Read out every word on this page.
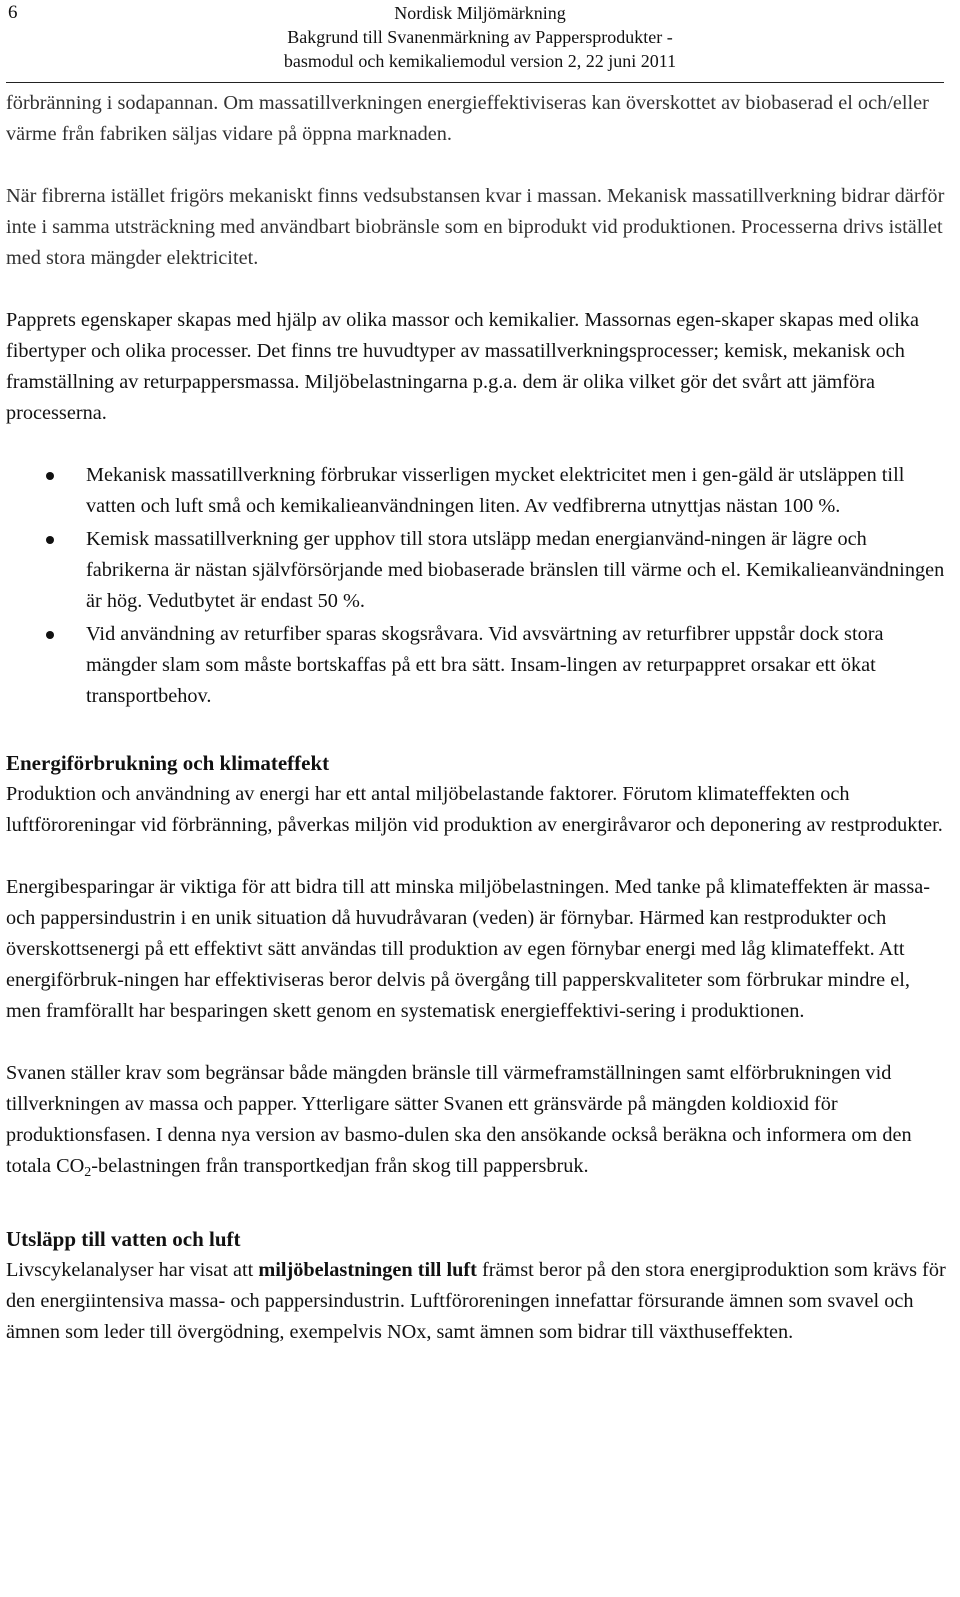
6	Nordisk Miljömärkning
Bakgrund till Svanenmärkning av Pappersprodukter -
basmodul och kemikaliemodul version 2, 22 juni 2011

förbränning i sodapannan. Om massatillverkningen energieffektiviseras kan överskottet av biobaserad el och/eller värme från fabriken säljas vidare på öppna marknaden.

När fibrerna istället frigörs mekaniskt finns vedsubstansen kvar i massan. Mekanisk massatillverkning bidrar därför inte i samma utsträckning med användbart biobränsle som en biprodukt vid produktionen. Processerna drivs istället med stora mängder elektricitet.

Papprets egenskaper skapas med hjälp av olika massor och kemikalier. Massornas egen-skaper skapas med olika fibertyper och olika processer. Det finns tre huvudtyper av massatillverkningsprocesser; kemisk, mekanisk och framställning av returpappersmassa. Miljöbelastningarna p.g.a. dem är olika vilket gör det svårt att jämföra processerna.

Mekanisk massatillverkning förbrukar visserligen mycket elektricitet men i gen-gäld är utsläppen till vatten och luft små och kemikalieanvändningen liten. Av vedfibrerna utnyttjas nästan 100 %.
Kemisk massatillverkning ger upphov till stora utsläpp medan energianvänd-ningen är lägre och fabrikerna är nästan självförsörjande med biobaserade bränslen till värme och el. Kemikalieanvändningen är hög. Vedutbytet är endast 50 %.
Vid användning av returfiber sparas skogsråvara. Vid avsvärtning av returfibrer uppstår dock stora mängder slam som måste bortskaffas på ett bra sätt. Insam-lingen av returpappret orsakar ett ökat transportbehov.
Energiförbrukning och klimateffekt

Produktion och användning av energi har ett antal miljöbelastande faktorer. Förutom klimateffekten och luftföroreningar vid förbränning, påverkas miljön vid produktion av energiråvaror och deponering av restprodukter.

Energibesparingar är viktiga för att bidra till att minska miljöbelastningen. Med tanke på klimateffekten är massa- och pappersindustrin i en unik situation då huvudråvaran (veden) är förnybar. Härmed kan restprodukter och överskottsenergi på ett effektivt sätt användas till produktion av egen förnybar energi med låg klimateffekt. Att energiförbruk-ningen har effektiviseras beror delvis på övergång till papperskvaliteter som förbrukar mindre el, men framförallt har besparingen skett genom en systematisk energieffektivi-sering i produktionen.

Svanen ställer krav som begränsar både mängden bränsle till värmeframställningen samt elförbrukningen vid tillverkningen av massa och papper. Ytterligare sätter Svanen ett gränsvärde på mängden koldioxid för produktionsfasen. I denna nya version av basmo-dulen ska den ansökande också beräkna och informera om den totala $CO_2$-belastningen från transportkedjan från skog till pappersbruk.

Utsläpp till vatten och luft

Livscykelanalyser har visat att miljöbelastningen till luft främst beror på den stora energiproduktion som krävs för den energiintensiva massa- och pappersindustrin. Luftföroreningen innefattar försurande ämnen som svavel och ämnen som leder till övergödning, exempelvis NOx, samt ämnen som bidrar till växthuseffekten.
